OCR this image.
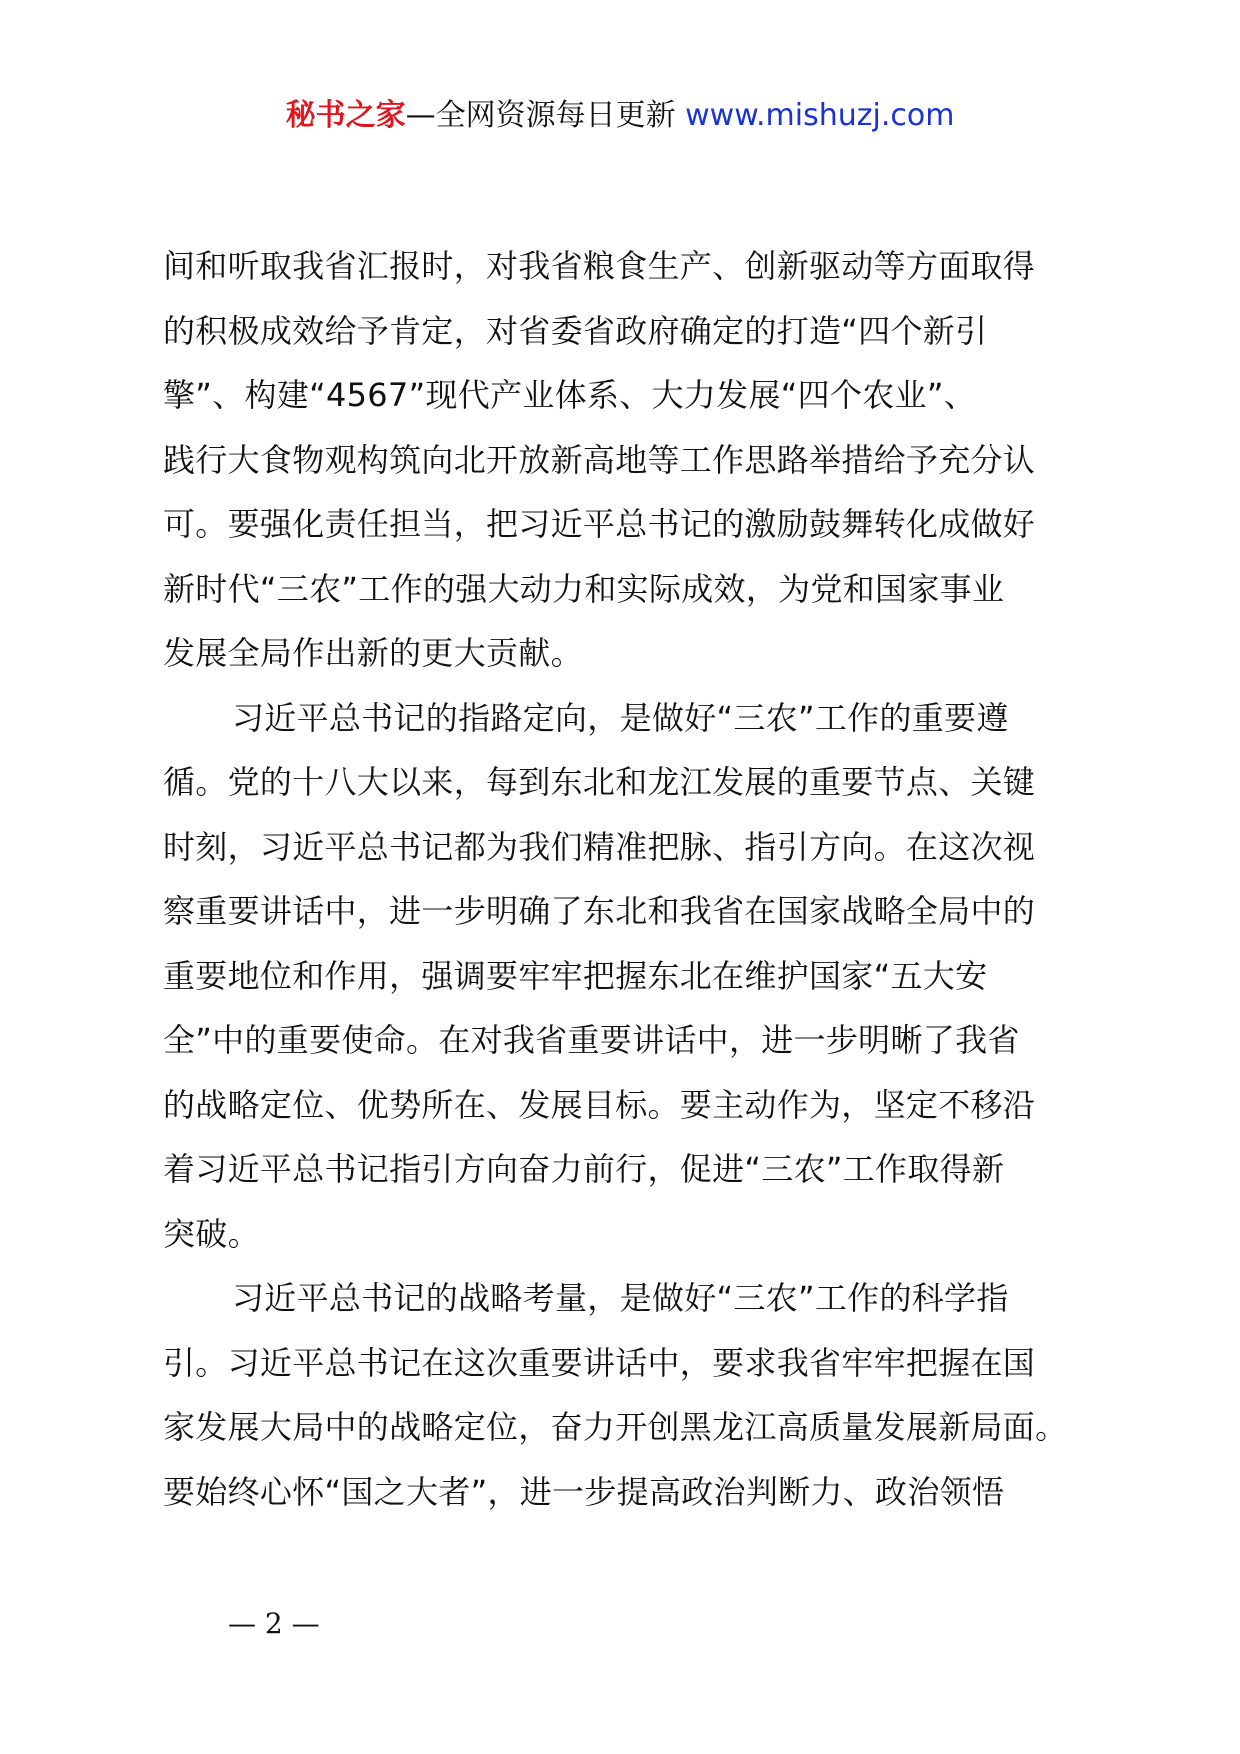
秘书之家—全网资源每日更新 www.mishuzj.com
间和听取我省汇报时，对我省粮食生产、创新驱动等方面取得
的积极成效给予肯定，对省委省政府确定的打造“四个新引
擎”、构建“4567”现代产业体系、大力发展“四个农业”、
践行大食物观构筑向北开放新高地等工作思路举措给予充分认
可。要强化责任担当，把习近平总书记的激励鼓舞转化成做好
新时代“三农”工作的强大动力和实际成效，为党和国家事业
发展全局作出新的更大贡献。
习近平总书记的指路定向，是做好“三农”工作的重要遵
循。党的十八大以来，每到东北和龙江发展的重要节点、关键
时刻，习近平总书记都为我们精准把脉、指引方向。在这次视
察重要讲话中，进一步明确了东北和我省在国家战略全局中的
重要地位和作用，强调要牢牢把握东北在维护国家“五大安
全”中的重要使命。在对我省重要讲话中，进一步明晰了我省
的战略定位、优势所在、发展目标。要主动作为，坚定不移沿
着习近平总书记指引方向奋力前行，促进“三农”工作取得新
突破。
习近平总书记的战略考量，是做好“三农”工作的科学指
引。习近平总书记在这次重要讲话中，要求我省牢牢把握在国
家发展大局中的战略定位，奋力开创黑龙江高质量发展新局面。
要始终心怀“国之大者”，进一步提高政治判断力、政治领悟
— 2 —
